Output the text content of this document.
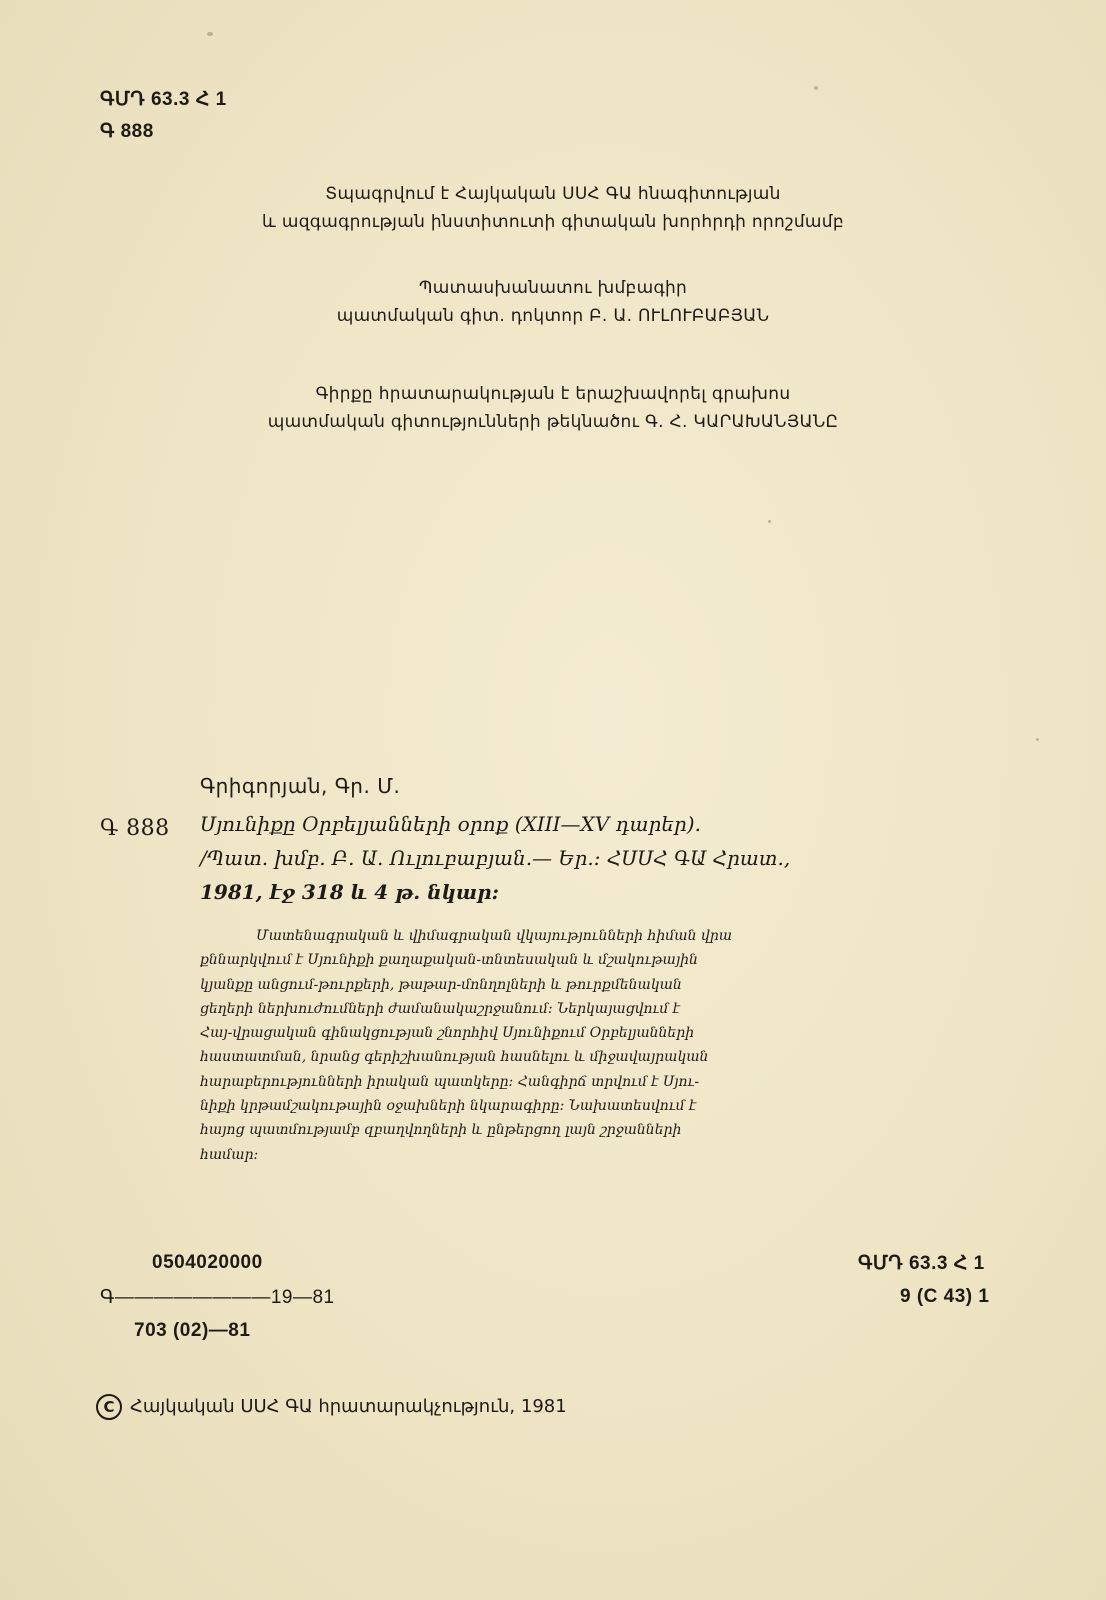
ԳՄԴ 63.3 Հ 1
Գ 888
Տպագրվում է Հայկական ՍՍՀ ԳԱ հնագիտության
և ազգագրության ինստիտուտի գիտական խորհրդի որոշմամբ
Պատասխանատու խմբագիր
պատմական գիտ. դոկտոր Բ. Ա. ՈՒԼՈՒԲԱԲՅԱՆ
Գիրքը հրատարակության է երաշխավորել գրախոս
պատմական գիտությունների թեկնածու Գ. Հ. ԿԱՐԱԽԱՆՅԱՆԸ
Գրիգորյան, Գր. Մ.
Գ 888 Սյունիքը Օրբելյանների օրոք (XIII—XV դարեր).
/Պատ. խմբ. Բ. Ա. Ուլուբաբյան.— Եր.: ՀՍՍՀ ԳԱ Հրատ.,
1981, էջ 318 և 4 թ. նկար:
Մատենագրական և վիմագրական վկայությունների հիման վրա
քննարկվում է Սյունիքի քաղաքական-տնտեսական և մշակութային
կյանքը անցում-թուրքերի, թաթար-մոնղոլների և թուրքմենական
ցեղերի ներխուժումների ժամանակաշրջանում: Ներկայացվում է
Հայ-վրացական գինակցության շնորհիվ Սյունիքում Օրբելյանների
հաստատման, նրանց գերիշխանության հասնելու և միջավայրական
հարաբերությունների իրական պատկերը: Հանգիրճ տրվում է Սյու-
նիքի կրթամշակութային օջախների նկարագիրը: Նախատեսվում է
հայոց պատմությամբ զբաղվողների և ընթերցող լայն շրջանների
համար:
0504020000
Գ————————19—81
703 (02)—81
ԳՄԴ 63.3 Հ 1
9 (С 43) 1
C Հայկական ՍՍՀ ԳԱ հրատարակչություն, 1981
